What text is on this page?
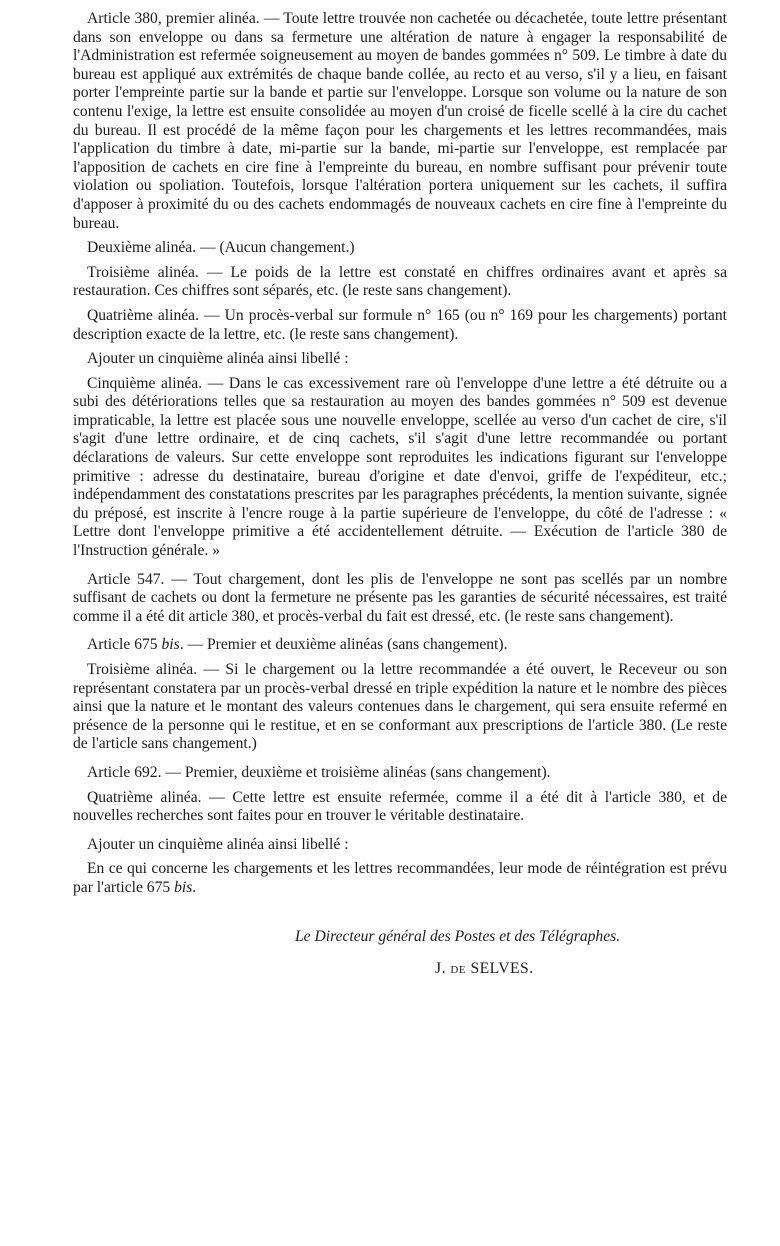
Article 380, premier alinéa. — Toute lettre trouvée non cachetée ou décachetée, toute lettre présentant dans son enveloppe ou dans sa fermeture une altération de nature à engager la responsabilité de l'Administration est refermée soigneusement au moyen de bandes gommées n° 509. Le timbre à date du bureau est appliqué aux extrémités de chaque bande collée, au recto et au verso, s'il y a lieu, en faisant porter l'empreinte partie sur la bande et partie sur l'enveloppe. Lorsque son volume ou la nature de son contenu l'exige, la lettre est ensuite consolidée au moyen d'un croisé de ficelle scellé à la cire du cachet du bureau. Il est procédé de la même façon pour les chargements et les lettres recommandées, mais l'application du timbre à date, mi-partie sur la bande, mi-partie sur l'enveloppe, est remplacée par l'apposition de cachets en cire fine à l'empreinte du bureau, en nombre suffisant pour prévenir toute violation ou spoliation. Toutefois, lorsque l'altération portera uniquement sur les cachets, il suffira d'apposer à proximité du ou des cachets endommagés de nouveaux cachets en cire fine à l'empreinte du bureau.

Deuxième alinéa. — (Aucun changement.)

Troisième alinéa. — Le poids de la lettre est constaté en chiffres ordinaires avant et après sa restauration. Ces chiffres sont séparés, etc. (le reste sans changement).

Quatrième alinéa. — Un procès-verbal sur formule n° 165 (ou n° 169 pour les chargements) portant description exacte de la lettre, etc. (le reste sans changement).

Ajouter un cinquième alinéa ainsi libellé :

Cinquième alinéa. — Dans le cas excessivement rare où l'enveloppe d'une lettre a été détruite ou a subi des détériorations telles que sa restauration au moyen des bandes gommées n° 509 est devenue impraticable, la lettre est placée sous une nouvelle enveloppe, scellée au verso d'un cachet de cire, s'il s'agit d'une lettre ordinaire, et de cinq cachets, s'il s'agit d'une lettre recommandée ou portant déclarations de valeurs. Sur cette enveloppe sont reproduites les indications figurant sur l'enveloppe primitive : adresse du destinataire, bureau d'origine et date d'envoi, griffe de l'expéditeur, etc.; indépendamment des constatations prescrites par les paragraphes précédents, la mention suivante, signée du préposé, est inscrite à l'encre rouge à la partie supérieure de l'enveloppe, du côté de l'adresse : « Lettre dont l'enveloppe primitive a été accidentellement détruite. — Exécution de l'article 380 de l'Instruction générale. »

Article 547. — Tout chargement, dont les plis de l'enveloppe ne sont pas scellés par un nombre suffisant de cachets ou dont la fermeture ne présente pas les garanties de sécurité nécessaires, est traité comme il a été dit article 380, et procès-verbal du fait est dressé, etc. (le reste sans changement).

Article 675 bis. — Premier et deuxième alinéas (sans changement).

Troisième alinéa. — Si le chargement ou la lettre recommandée a été ouvert, le Receveur ou son représentant constatera par un procès-verbal dressé en triple expédition la nature et le nombre des pièces ainsi que la nature et le montant des valeurs contenues dans le chargement, qui sera ensuite refermé en présence de la personne qui le restitue, et en se conformant aux prescriptions de l'article 380. (Le reste de l'article sans changement.)

Article 692. — Premier, deuxième et troisième alinéas (sans changement).

Quatrième alinéa. — Cette lettre est ensuite refermée, comme il a été dit à l'article 380, et de nouvelles recherches sont faites pour en trouver le véritable destinataire.

Ajouter un cinquième alinéa ainsi libellé :

En ce qui concerne les chargements et les lettres recommandées, leur mode de réintégration est prévu par l'article 675 bis.

Le Directeur général des Postes et des Télégraphes.
J. de SELVES.
